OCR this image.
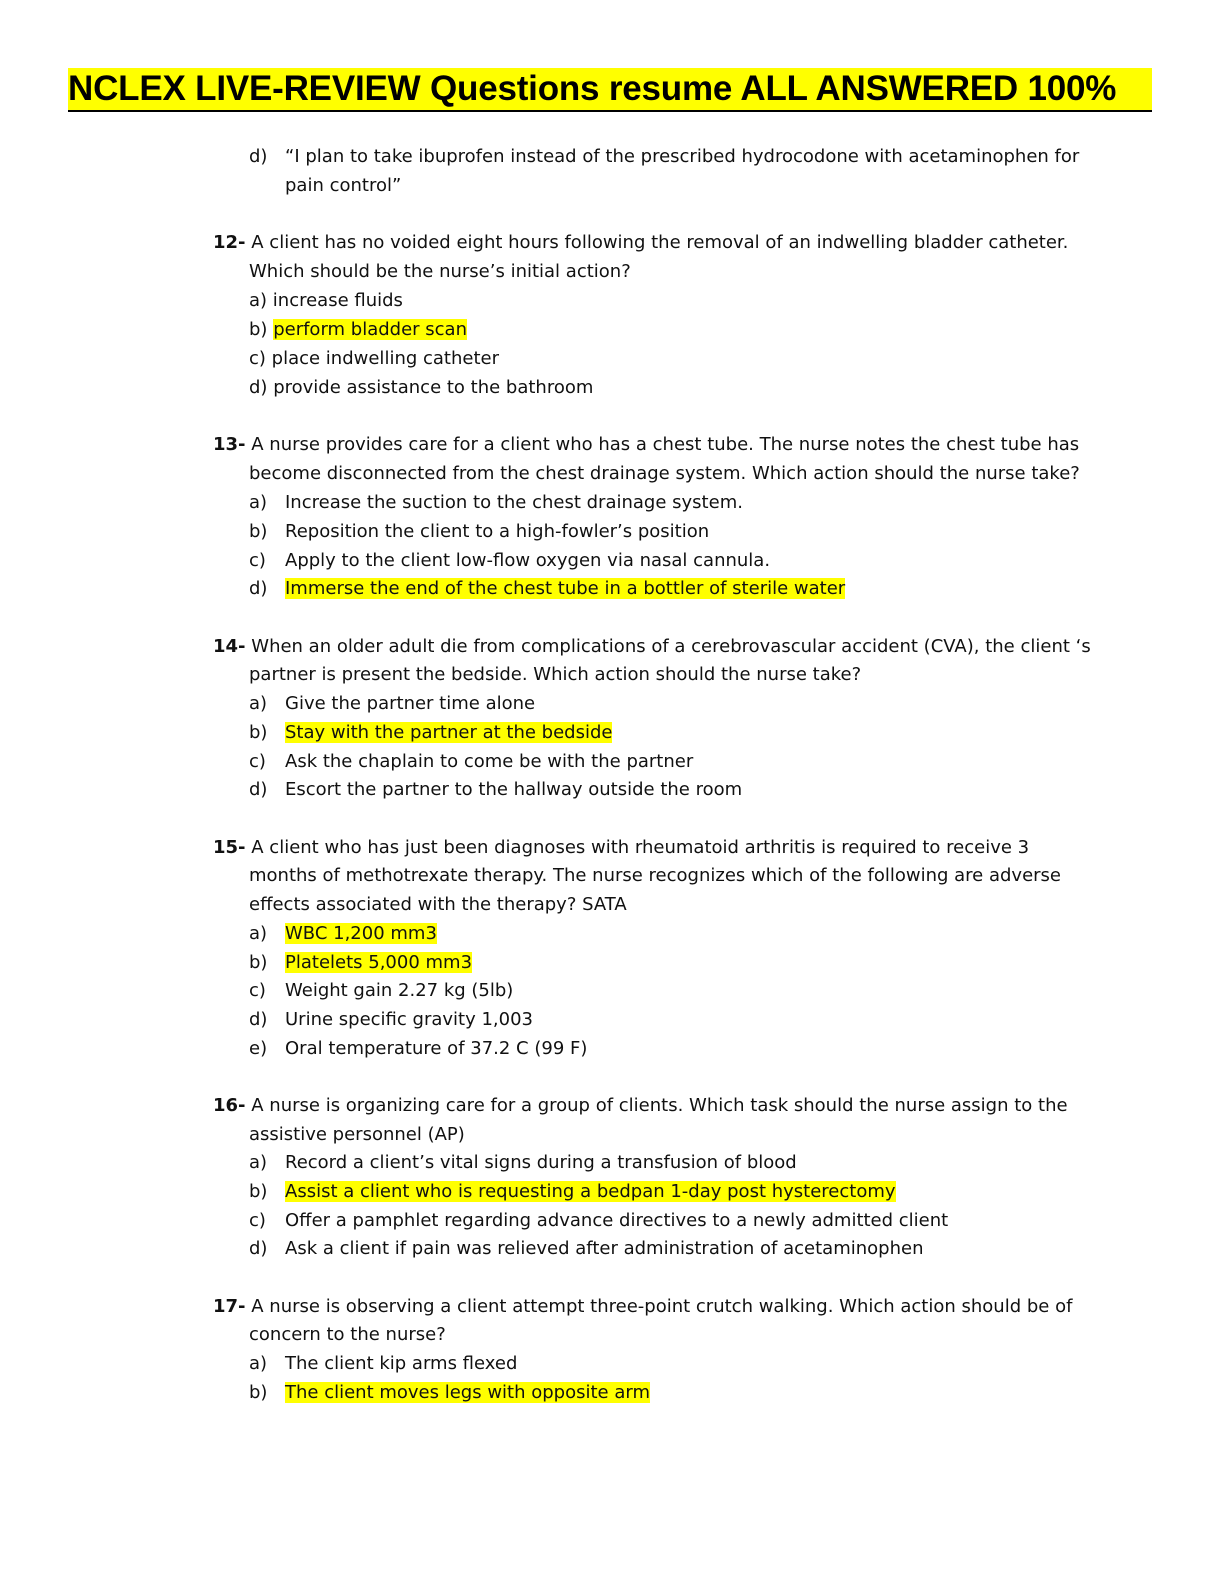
NCLEX LIVE-REVIEW Questions resume ALL ANSWERED 100%
d) “I plan to take ibuprofen instead of the prescribed hydrocodone with acetaminophen for
pain control”
12- A client has no voided eight hours following the removal of an indwelling bladder catheter.
Which should be the nurse’s initial action?
a) increase fluids
b) perform bladder scan
c) place indwelling catheter
d) provide assistance to the bathroom
13- A nurse provides care for a client who has a chest tube. The nurse notes the chest tube has
become disconnected from the chest drainage system. Which action should the nurse take?
a) Increase the suction to the chest drainage system.
b) Reposition the client to a high-fowler’s position
c) Apply to the client low-flow oxygen via nasal cannula.
d) Immerse the end of the chest tube in a bottler of sterile water
14- When an older adult die from complications of a cerebrovascular accident (CVA), the client ‘s
partner is present the bedside. Which action should the nurse take?
a) Give the partner time alone
b) Stay with the partner at the bedside
c) Ask the chaplain to come be with the partner
d) Escort the partner to the hallway outside the room
15- A client who has just been diagnoses with rheumatoid arthritis is required to receive 3
months of methotrexate therapy. The nurse recognizes which of the following are adverse
effects associated with the therapy? SATA
a) WBC 1,200 mm3
b) Platelets 5,000 mm3
c) Weight gain 2.27 kg (5lb)
d) Urine specific gravity 1,003
e) Oral temperature of 37.2 C (99 F)
16- A nurse is organizing care for a group of clients. Which task should the nurse assign to the
assistive personnel (AP)
a) Record a client’s vital signs during a transfusion of blood
b) Assist a client who is requesting a bedpan 1-day post hysterectomy
c) Offer a pamphlet regarding advance directives to a newly admitted client
d) Ask a client if pain was relieved after administration of acetaminophen
17- A nurse is observing a client attempt three-point crutch walking. Which action should be of
concern to the nurse?
a) The client kip arms flexed
b) The client moves legs with opposite arm
